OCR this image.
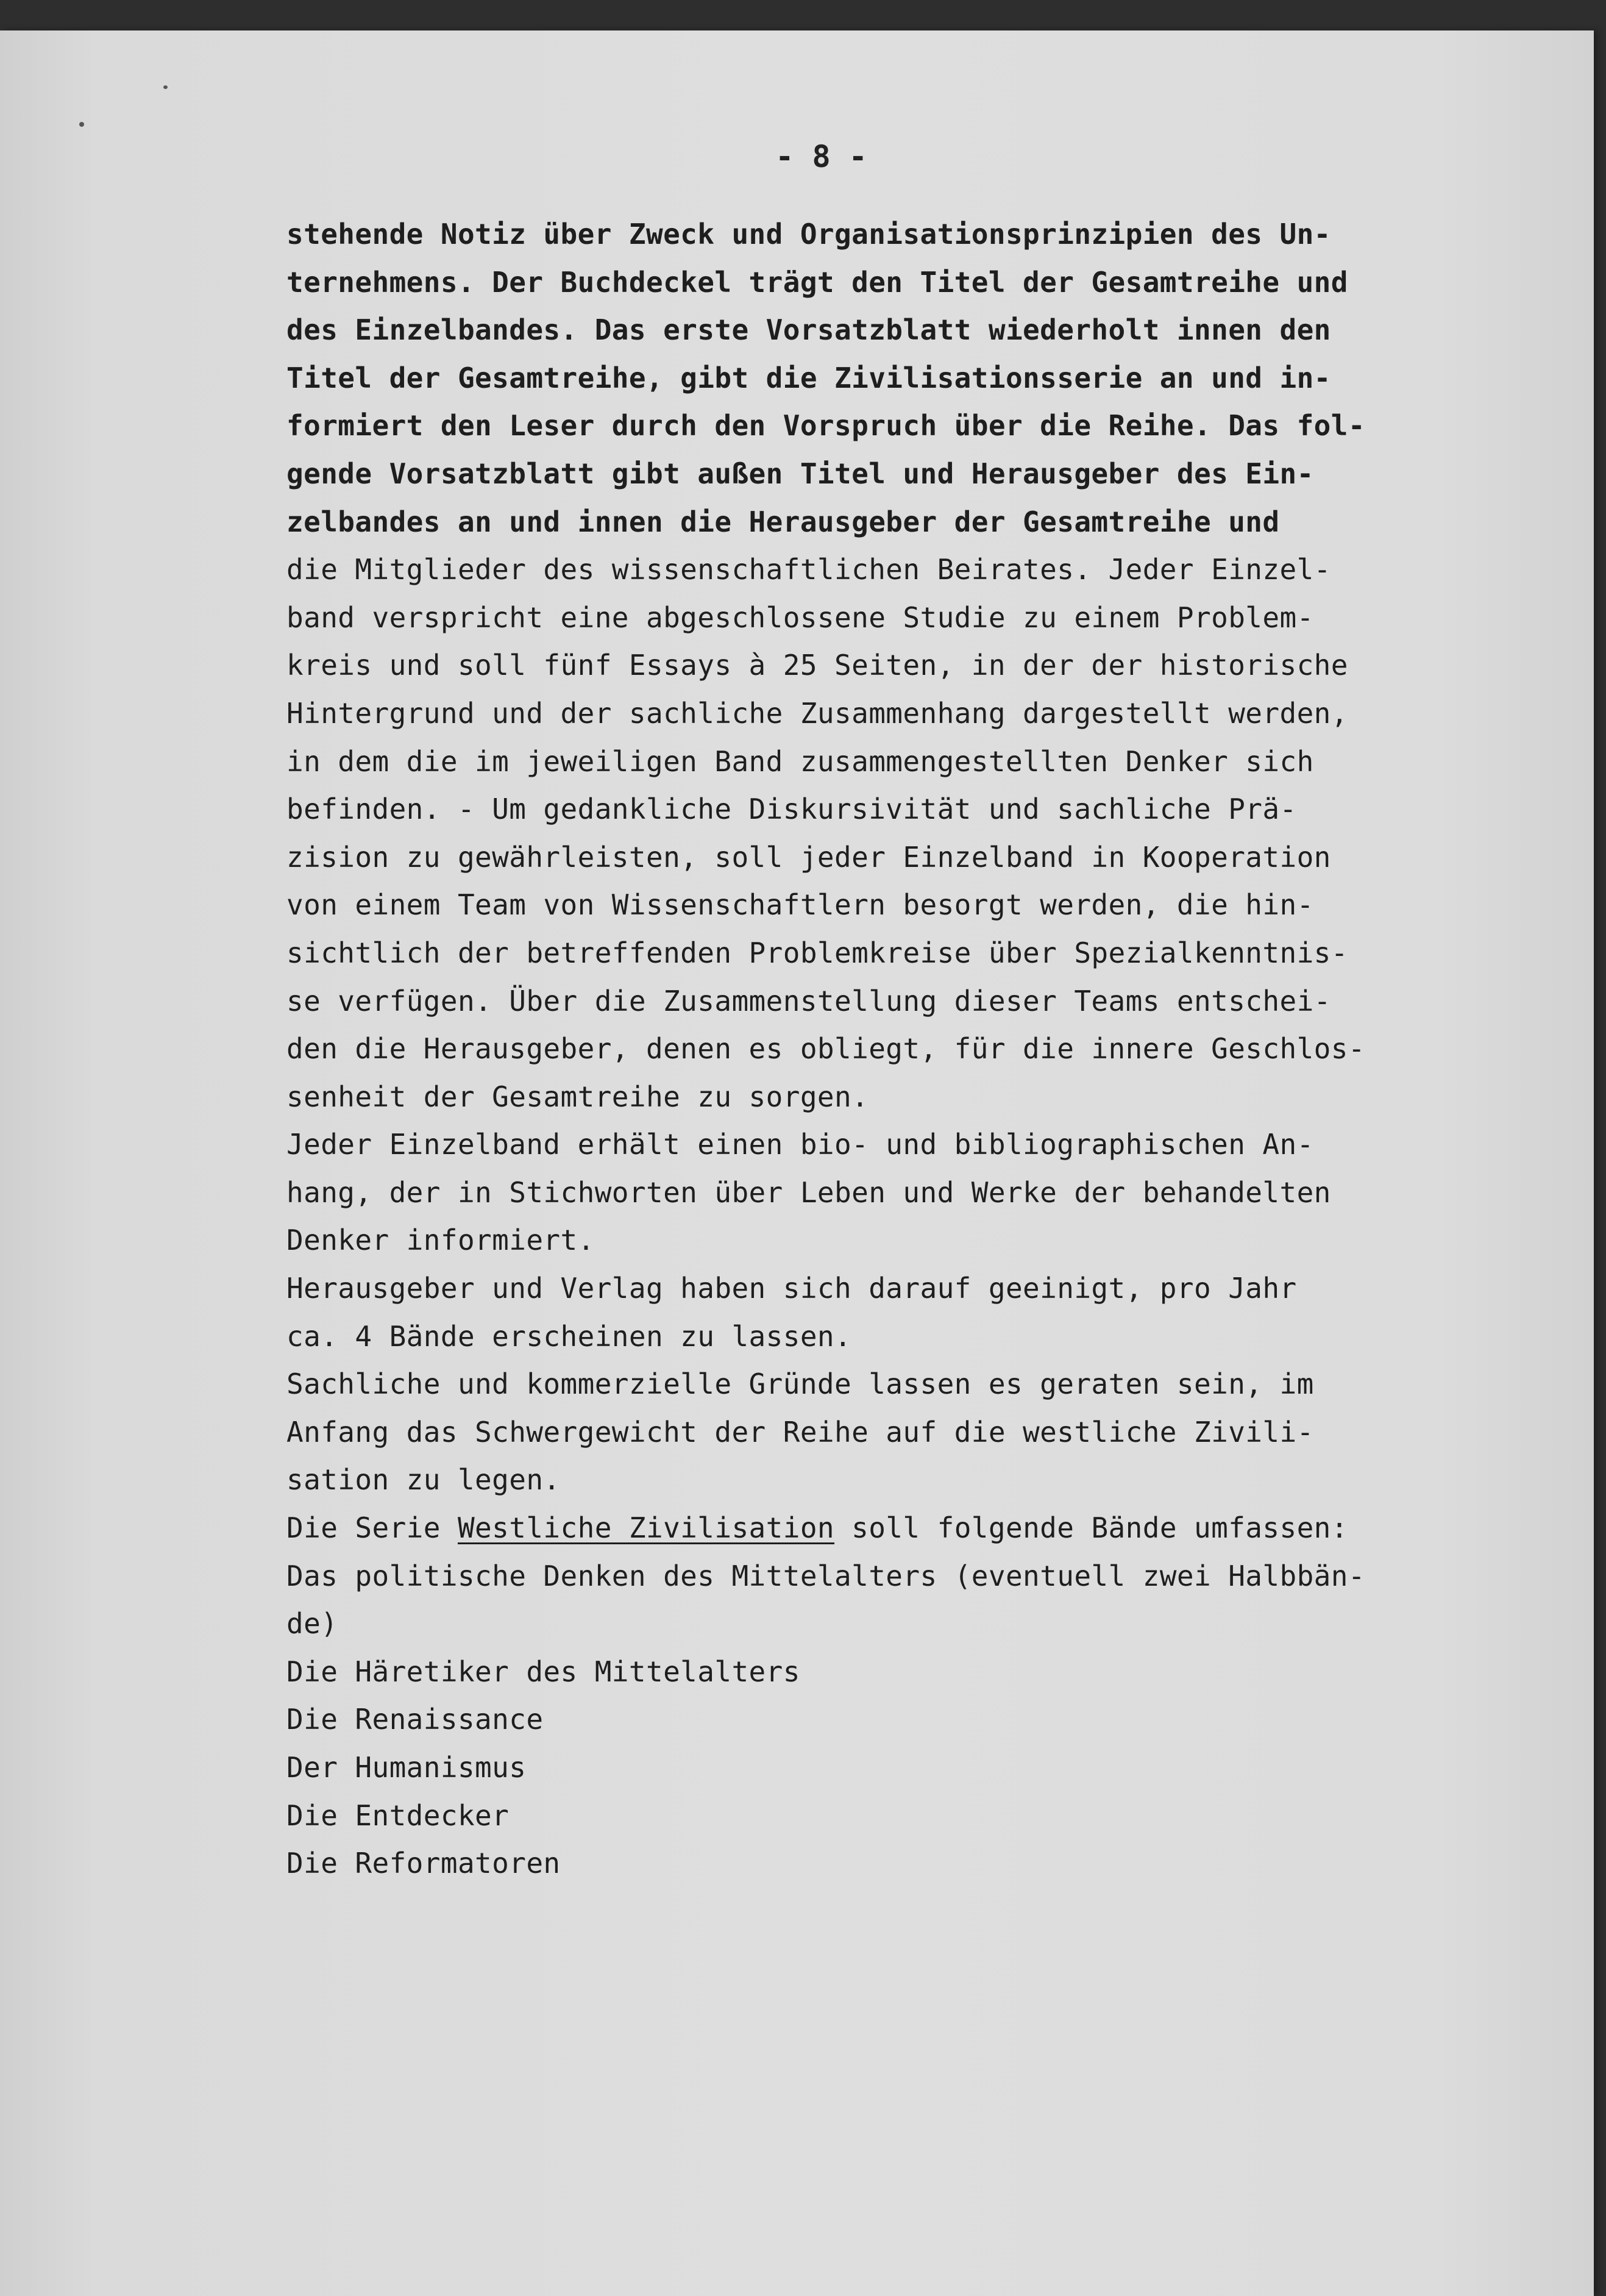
- 8 -
stehende Notiz über Zweck und Organisationsprinzipien des Un-
ternehmens. Der Buchdeckel trägt den Titel der Gesamtreihe und
des Einzelbandes. Das erste Vorsatzblatt wiederholt innen den
Titel der Gesamtreihe, gibt die Zivilisationsserie an und in-
formiert den Leser durch den Vorspruch über die Reihe. Das fol-
gende Vorsatzblatt gibt außen Titel und Herausgeber des Ein-
zelbandes an und innen die Herausgeber der Gesamtreihe und
die Mitglieder des wissenschaftlichen Beirates. Jeder Einzel-
band verspricht eine abgeschlossene Studie zu einem Problem-
kreis und soll fünf Essays à 25 Seiten, in der der historische
Hintergrund und der sachliche Zusammenhang dargestellt werden,
in dem die im jeweiligen Band zusammengestellten Denker sich
befinden. - Um gedankliche Diskursivität und sachliche Prä-
zision zu gewährleisten, soll jeder Einzelband in Kooperation
von einem Team von Wissenschaftlern besorgt werden, die hin-
sichtlich der betreffenden Problemkreise über Spezialkenntnis-
se verfügen. Über die Zusammenstellung dieser Teams entschei-
den die Herausgeber, denen es obliegt, für die innere Geschlos-
senheit der Gesamtreihe zu sorgen.
Jeder Einzelband erhält einen bio- und bibliographischen An-
hang, der in Stichworten über Leben und Werke der behandelten
Denker informiert.
Herausgeber und Verlag haben sich darauf geeinigt, pro Jahr
ca. 4 Bände erscheinen zu lassen.
Sachliche und kommerzielle Gründe lassen es geraten sein, im
Anfang das Schwergewicht der Reihe auf die westliche Zivili-
sation zu legen.
Die Serie Westliche Zivilisation soll folgende Bände umfassen:
Das politische Denken des Mittelalters (eventuell zwei Halbbän-
de)
Die Häretiker des Mittelalters
Die Renaissance
Der Humanismus
Die Entdecker
Die Reformatoren
